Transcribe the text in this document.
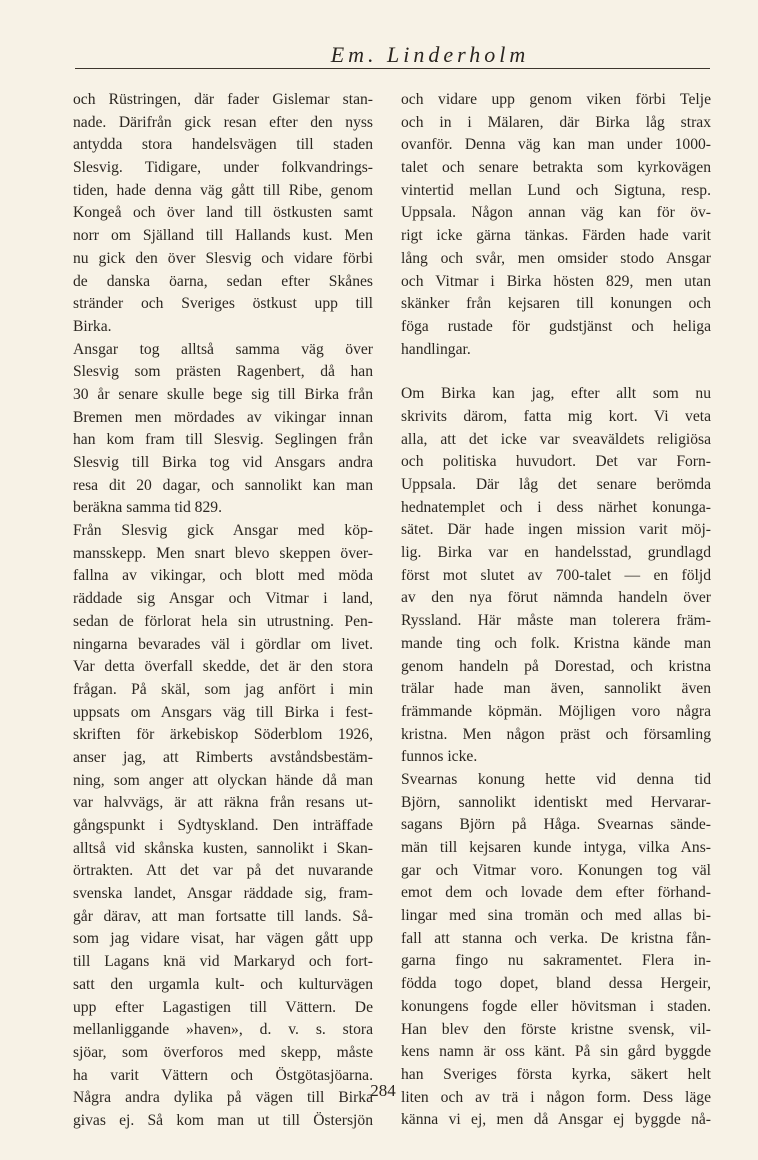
Em. Linderholm
och Rüstringen, där fader Gislemar stan-
nade. Därifrån gick resan efter den nyss
antydda stora handelsvägen till staden
Slesvig. Tidigare, under folkvandrings-
tiden, hade denna väg gått till Ribe, genom
Kongeå och över land till östkusten samt
norr om Själland till Hallands kust. Men
nu gick den över Slesvig och vidare förbi
de danska öarna, sedan efter Skånes
stränder och Sveriges östkust upp till
Birka.
Ansgar tog alltså samma väg över
Slesvig som prästen Ragenbert, då han
30 år senare skulle bege sig till Birka från
Bremen men mördades av vikingar innan
han kom fram till Slesvig. Seglingen från
Slesvig till Birka tog vid Ansgars andra
resa dit 20 dagar, och sannolikt kan man
beräkna samma tid 829.
Från Slesvig gick Ansgar med köp-
mansskepp. Men snart blevo skeppen över-
fallna av vikingar, och blott med möda
räddade sig Ansgar och Vitmar i land,
sedan de förlorat hela sin utrustning. Pen-
ningarna bevarades väl i gördlar om livet.
Var detta överfall skedde, det är den stora
frågan. På skäl, som jag anfört i min
uppsats om Ansgars väg till Birka i fest-
skriften för ärkebiskop Söderblom 1926,
anser jag, att Rimberts avståndsbestäm-
ning, som anger att olyckan hände då man
var halvvägs, är att räkna från resans ut-
gångspunkt i Sydtyskland. Den inträffade
alltså vid skånska kusten, sannolikt i Skan-
örtrakten. Att det var på det nuvarande
svenska landet, Ansgar räddade sig, fram-
går därav, att man fortsatte till lands. Så-
som jag vidare visat, har vägen gått upp
till Lagans knä vid Markaryd och fort-
satt den urgamla kult- och kulturvägen
upp efter Lagastigen till Vättern. De
mellanliggande »haven», d. v. s. stora
sjöar, som överforos med skepp, måste
ha varit Vättern och Östgötasjöarna.
Några andra dylika på vägen till Birka
givas ej. Så kom man ut till Östersjön
och vidare upp genom viken förbi Telje
och in i Mälaren, där Birka låg strax
ovanför. Denna väg kan man under 1000-
talet och senare betrakta som kyrkovägen
vintertid mellan Lund och Sigtuna, resp.
Uppsala. Någon annan väg kan för öv-
rigt icke gärna tänkas. Färden hade varit
lång och svår, men omsider stodo Ansgar
och Vitmar i Birka hösten 829, men utan
skänker från kejsaren till konungen och
föga rustade för gudstjänst och heliga
handlingar.
Om Birka kan jag, efter allt som nu
skrivits därom, fatta mig kort. Vi veta
alla, att det icke var sveaväldets religiösa
och politiska huvudort. Det var Forn-
Uppsala. Där låg det senare berömda
hednatemplet och i dess närhet konunga-
sätet. Där hade ingen mission varit möj-
lig. Birka var en handelsstad, grundlagd
först mot slutet av 700-talet — en följd
av den nya förut nämnda handeln över
Ryssland. Här måste man tolerera främ-
mande ting och folk. Kristna kände man
genom handeln på Dorestad, och kristna
trälar hade man även, sannolikt även
främmande köpmän. Möjligen voro några
kristna. Men någon präst och församling
funnos icke.
Svearnas konung hette vid denna tid
Björn, sannolikt identiskt med Hervarar-
sagans Björn på Håga. Svearnas sände-
män till kejsaren kunde intyga, vilka Ans-
gar och Vitmar voro. Konungen tog väl
emot dem och lovade dem efter förhand-
lingar med sina tromän och med allas bi-
fall att stanna och verka. De kristna fån-
garna fingo nu sakramentet. Flera in-
födda togo dopet, bland dessa Hergeir,
konungens fogde eller hövitsman i staden.
Han blev den förste kristne svensk, vil-
kens namn är oss känt. På sin gård byggde
han Sveriges första kyrka, säkert helt
liten och av trä i någon form. Dess läge
känna vi ej, men då Ansgar ej byggde nå-
284
